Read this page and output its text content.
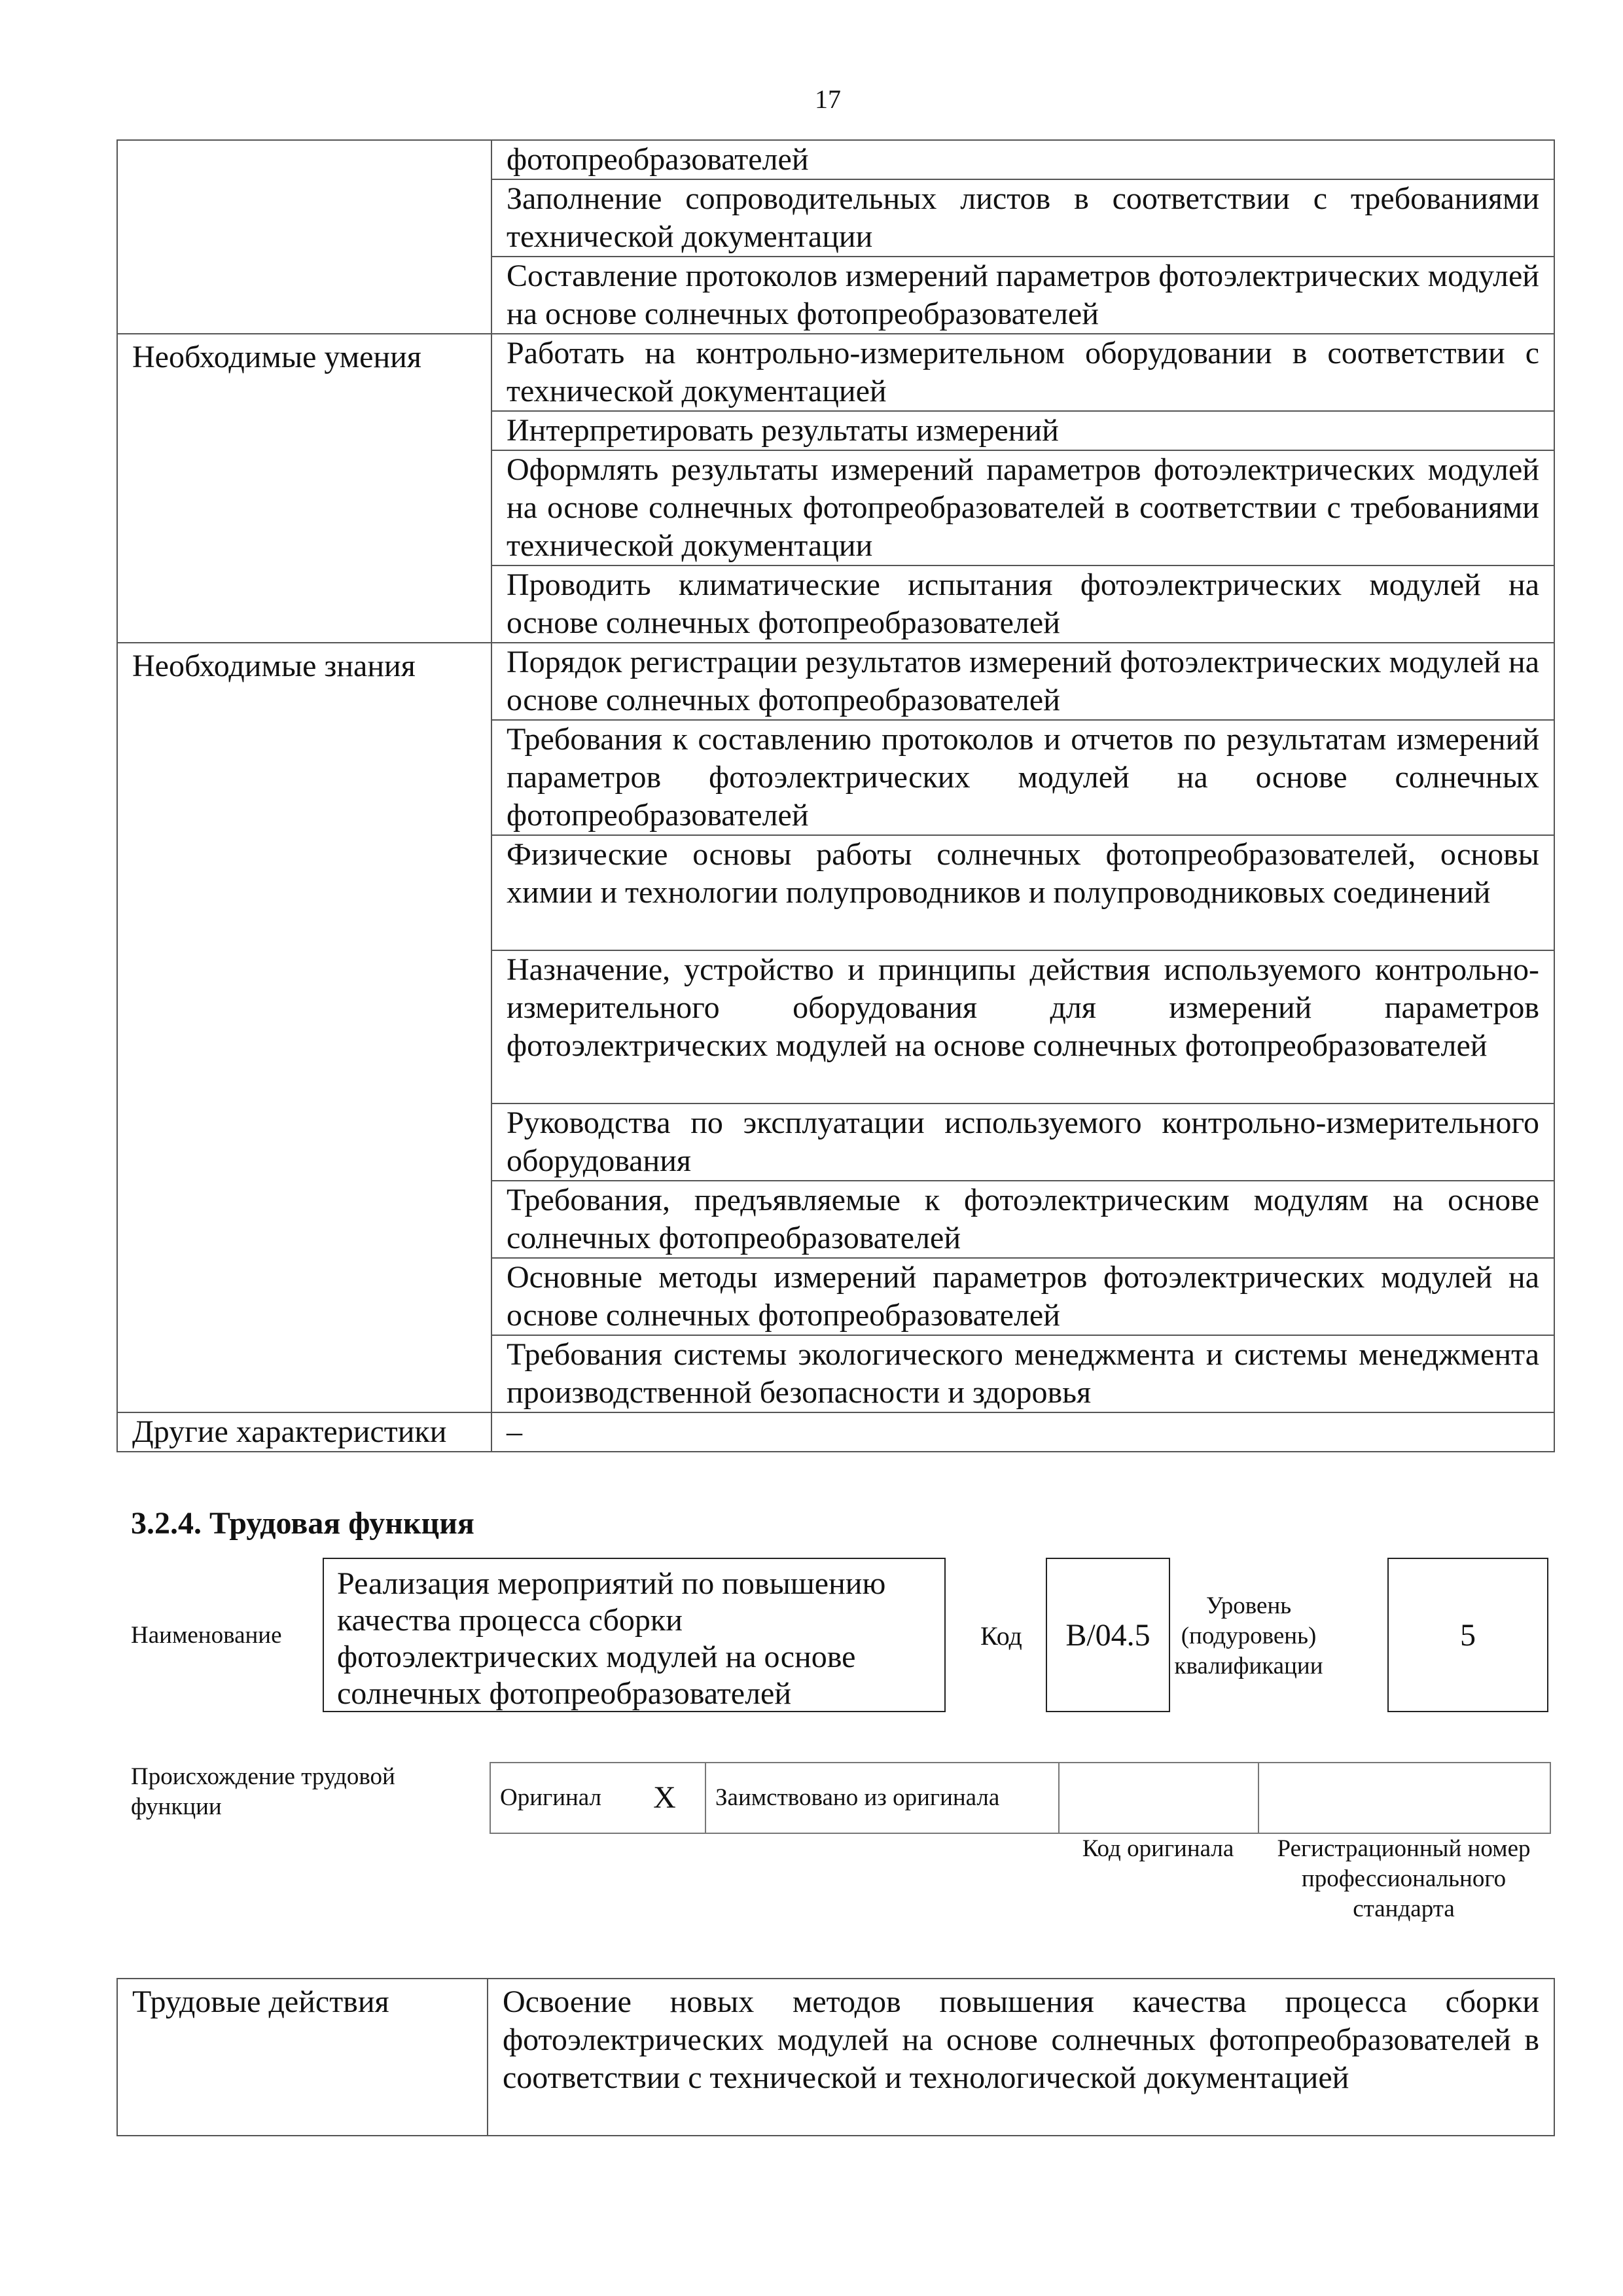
17
	фотопреобразователей
	Заполнение сопроводительных листов в соответствии с требованиями технической документации
	Составление протоколов измерений параметров фотоэлектрических модулей на основе солнечных фотопреобразователей
Необходимые умения	Работать на контрольно-измерительном оборудовании в соответствии с технической документацией
	Интерпретировать результаты измерений
	Оформлять результаты измерений параметров фотоэлектрических модулей на основе солнечных фотопреобразователей в соответствии с требованиями технической документации
	Проводить климатические испытания фотоэлектрических модулей на основе солнечных фотопреобразователей
Необходимые знания	Порядок регистрации результатов измерений фотоэлектрических модулей на основе солнечных фотопреобразователей
	Требования к составлению протоколов и отчетов по результатам измерений параметров фотоэлектрических модулей на основе солнечных фотопреобразователей
	Физические основы работы солнечных фотопреобразователей, основы химии и технологии полупроводников и полупроводниковых соединений
	Назначение, устройство и принципы действия используемого контрольно-измерительного оборудования для измерений параметров фотоэлектрических модулей на основе солнечных фотопреобразователей
	Руководства по эксплуатации используемого контрольно-измерительного оборудования
	Требования, предъявляемые к фотоэлектрическим модулям на основе солнечных фотопреобразователей
	Основные методы измерений параметров фотоэлектрических модулей на основе солнечных фотопреобразователей
	Требования системы экологического менеджмента и системы менеджмента производственной безопасности и здоровья
Другие характеристики	–
3.2.4. Трудовая функция
Наименование
Реализация мероприятий по повышению качества процесса сборки фотоэлектрических модулей на основе солнечных фотопреобразователей
Код B/04.5
Уровень (подуровень) квалификации
5
Происхождение трудовой функции	Оригинал	X	Заимствовано из оригинала		
Код оригинала	Регистрационный номер профессионального стандарта
Трудовые действия	Освоение новых методов повышения качества процесса сборки фотоэлектрических модулей на основе солнечных фотопреобразователей в соответствии с технической и технологической документацией
